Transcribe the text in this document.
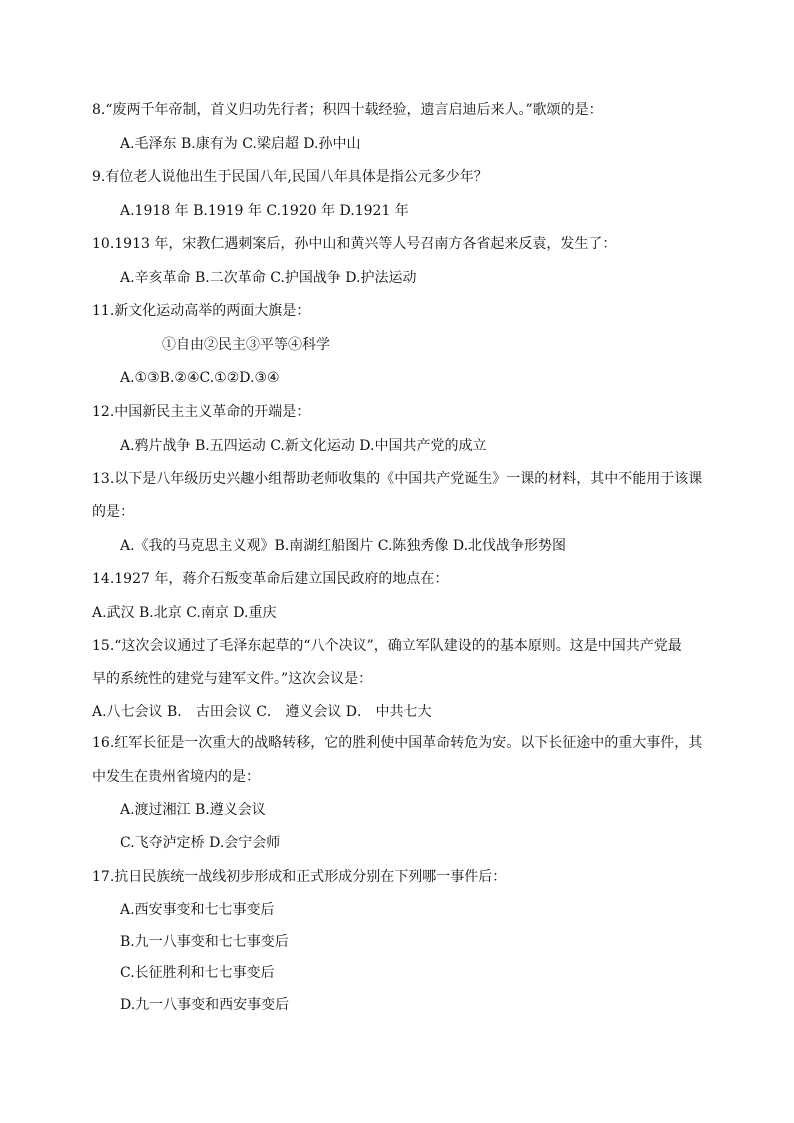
8.“废两千年帝制，首义归功先行者；积四十载经验，遗言启迪后来人。”歌颂的是：
A.毛泽东 B.康有为 C.梁启超 D.孙中山
9.有位老人说他出生于民国八年,民国八年具体是指公元多少年？
A.1918 年 B.1919 年 C.1920 年 D.1921 年
10.1913 年，宋教仁遇刺案后，孙中山和黄兴等人号召南方各省起来反袁，发生了：
A.辛亥革命 B.二次革命 C.护国战争 D.护法运动
11.新文化运动高举的两面大旗是：
①自由②民主③平等④科学
A.①③B.②④C.①②D.③④
12.中国新民主主义革命的开端是：
A.鸦片战争 B.五四运动 C.新文化运动 D.中国共产党的成立
13.以下是八年级历史兴趣小组帮助老师收集的《中国共产党诞生》一课的材料，其中不能用于该课
的是：
A.《我的马克思主义观》B.南湖红船图片 C.陈独秀像 D.北伐战争形势图
14.1927 年，蒋介石叛变革命后建立国民政府的地点在：
A.武汉 B.北京 C.南京 D.重庆
15.“这次会议通过了毛泽东起草的“八个决议”，确立军队建设的的基本原则。这是中国共产党最
早的系统性的建党与建军文件。”这次会议是：
A.八七会议 B． 古田会议 C． 遵义会议 D． 中共七大
16.红军长征是一次重大的战略转移，它的胜利使中国革命转危为安。以下长征途中的重大事件，其
中发生在贵州省境内的是：
A.渡过湘江 B.遵义会议
C.飞夺泸定桥 D.会宁会师
17.抗日民族统一战线初步形成和正式形成分别在下列哪一事件后：
A.西安事变和七七事变后
B.九一八事变和七七事变后
C.长征胜利和七七事变后
D.九一八事变和西安事变后
